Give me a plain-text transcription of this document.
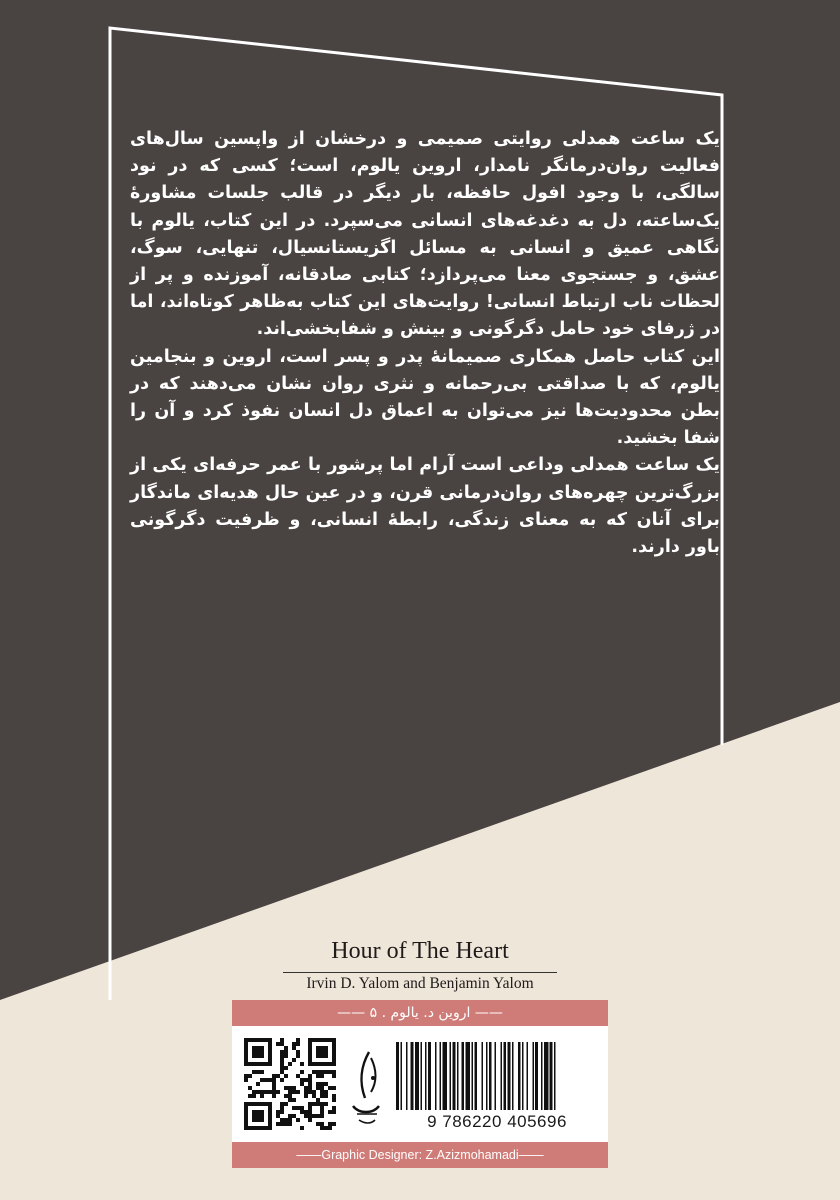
یک ساعت همدلی روایتی صمیمی و درخشان از واپسین سال‌های فعالیت روان‌درمانگر نامدار، اروین یالوم، است؛ کسی که در نود سالگی، با وجود افول حافظه، بار دیگر در قالب جلسات مشاورهٔ یک‌ساعته، دل به دغدغه‌های انسانی می‌سپرد. در این کتاب، یالوم با نگاهی عمیق و انسانی به مسائل اگزیستانسیال، تنهایی، سوگ، عشق، و جستجوی معنا می‌پردازد؛ کتابی صادقانه، آموزنده و پر از لحظات ناب ارتباط انسانی! روایت‌های این کتاب به‌ظاهر کوتاه‌اند، اما در ژرفای خود حامل دگرگونی و بینش و شفابخشی‌اند.

این کتاب حاصل همکاری صمیمانهٔ پدر و پسر است، اروین و بنجامین یالوم، که با صداقتی بی‌رحمانه و نثری روان نشان می‌دهند که در بطن محدودیت‌ها نیز می‌توان به اعماق دل انسان نفوذ کرد و آن را شفا بخشید.

یک ساعت همدلی وداعی است آرام اما پرشور با عمر حرفه‌ای یکی از بزرگ‌ترین چهره‌های روان‌درمانی قرن، و در عین حال هدیه‌ای ماندگار برای آنان که به معنای زندگی، رابطهٔ انسانی، و ظرفیت دگرگونی باور دارند.

Hour of The Heart
Irvin D. Yalom and Benjamin Yalom
—— اروین د. یالوم . ۵ ——
9 786220 405696
——Graphic Designer: Z.Azizmohamadi——
